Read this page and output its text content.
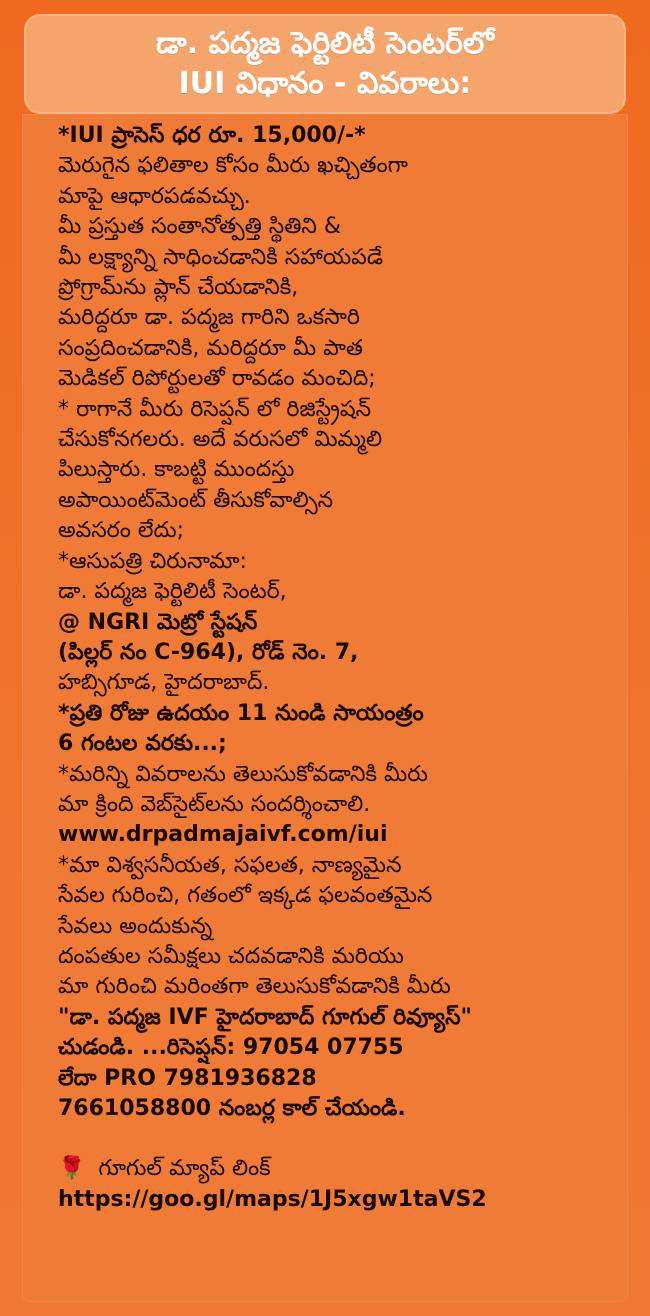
డా. పద్మజ ఫెర్టిలిటీ సెంటర్‌లో
IUI విధానం - వివరాలు:
*IUI ప్రాసెస్ ధర రూ. 15,000/-*
మెరుగైన ఫలితాల కోసం మీరు ఖచ్చితంగా
మాపై ఆధారపడవచ్చు.
మీ ప్రస్తుత సంతానోత్పత్తి స్థితిని &
మీ లక్ష్యాన్ని సాధించడానికి సహాయపడే
ప్రోగ్రామ్‌ను ప్లాన్ చేయడానికి,
మరిద్దరూ డా. పద్మజ గారిని ఒకసారి
సంప్రదించడానికి, మరిద్దరూ మీ పాత
మెడికల్ రిపోర్టులతో రావడం మంచిది;
* రాగానే మీరు రిసెప్షన్ లో రిజిస్ట్రేషన్
చేసుకోనగలరు. అదే వరుసలో మిమ్మలి
పిలుస్తారు. కాబట్టి ముందస్తు
అపాయింట్‌మెంట్ తీసుకోవాల్సిన
అవసరం లేదు;
*ఆసుపత్రి చిరునామా:
డా. పద్మజ ఫెర్టిలిటీ సెంటర్,
@ NGRI మెట్రో స్టేషన్
(పిల్లర్ నం C-964), రోడ్ నెం. 7,
హబ్సిగూడ, హైదరాబాద్.
*ప్రతి రోజు ఉదయం 11 నుండి సాయంత్రం
6 గంటల వరకు...;
*మరిన్ని వివరాలను తెలుసుకోవడానికి మీరు
మా క్రింది వెబ్‌సైట్‌లను సందర్శించాలి.
www.drpadmajaivf.com/iui
*మా విశ్వసనీయత, సఫలత, నాణ్యమైన
సేవల గురించి, గతంలో ఇక్కడ ఫలవంతమైన
సేవలు అందుకున్న
దంపతుల సమీక్షలు చదవడానికి మరియు
మా గురించి మరింతగా తెలుసుకోవడానికి మీరు
"డా. పద్మజ IVF హైదరాబాద్ గూగుల్ రివ్యూస్"
చుడండి. ...రిసెప్షన్: 97054 07755
లేదా PRO 7981936828
7661058800 నంబర్ల కాల్ చేయండి.
🌹 గూగుల్ మ్యాప్ లింక్
https://goo.gl/maps/1J5xgw1taVS2
